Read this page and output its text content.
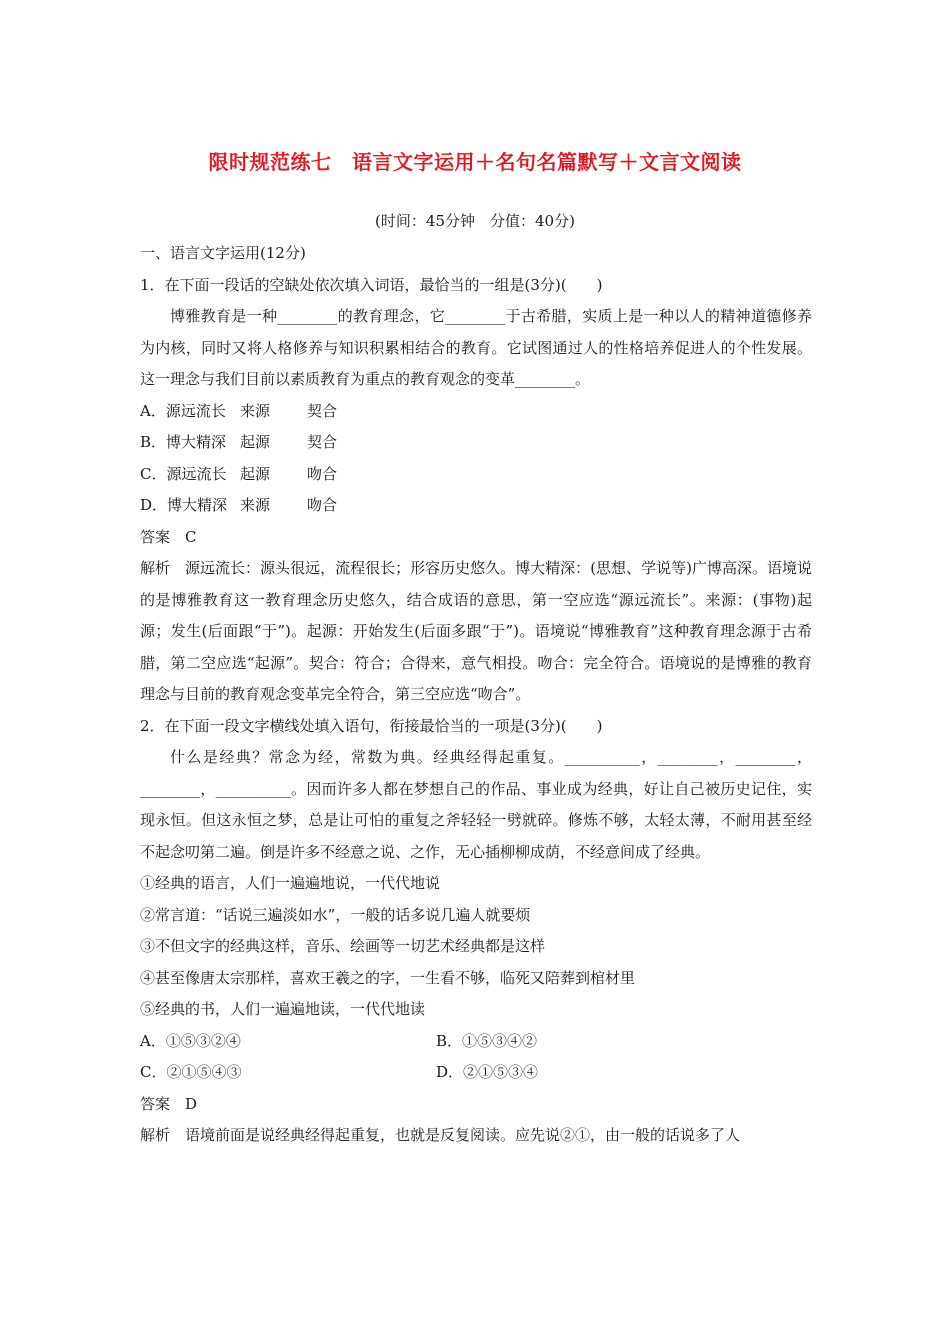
限时规范练七　语言文字运用＋名句名篇默写＋文言文阅读
(时间：45分钟　分值：40分)

一、语言文字运用(12分)

1．在下面一段话的空缺处依次填入词语，最恰当的一组是(3分)(　　)

博雅教育是一种________的教育理念，它________于古希腊，实质上是一种以人的精神道德修养为内核，同时又将人格修养与知识积累相结合的教育。它试图通过人的性格培养促进人的个性发展。这一理念与我们目前以素质教育为重点的教育观念的变革________。

A．源远流长 来源 契合

B．博大精深 起源 契合

C．源远流长 起源 吻合

D．博大精深 来源 吻合

答案　C

解析　源远流长：源头很远，流程很长；形容历史悠久。博大精深：(思想、学说等)广博高深。语境说的是博雅教育这一教育理念历史悠久，结合成语的意思，第一空应选“源远流长”。来源：(事物)起源；发生(后面跟“于”)。起源：开始发生(后面多跟“于”)。语境说“博雅教育”这种教育理念源于古希腊，第二空应选“起源”。契合：符合；合得来，意气相投。吻合：完全符合。语境说的是博雅的教育理念与目前的教育观念变革完全符合，第三空应选“吻合”。

2．在下面一段文字横线处填入语句，衔接最恰当的一项是(3分)(　　)

什么是经典？常念为经，常数为典。经典经得起重复。__________，________，________，________，__________。因而许多人都在梦想自己的作品、事业成为经典，好让自己被历史记住，实现永恒。但这永恒之梦，总是让可怕的重复之斧轻轻一劈就碎。修炼不够，太轻太薄，不耐用甚至经不起念叨第二遍。倒是许多不经意之说、之作，无心插柳柳成荫，不经意间成了经典。

①经典的语言，人们一遍遍地说，一代代地说

②常言道：“话说三遍淡如水”，一般的话多说几遍人就要烦

③不但文字的经典这样，音乐、绘画等一切艺术经典都是这样

④甚至像唐太宗那样，喜欢王羲之的字，一生看不够，临死又陪葬到棺材里

⑤经典的书，人们一遍遍地读，一代代地读

A．①⑤③②④	B．①⑤③④②

C．②①⑤④③	D．②①⑤③④

答案　D

解析　语境前面是说经典经得起重复，也就是反复阅读。应先说②①，由一般的话说多了人
